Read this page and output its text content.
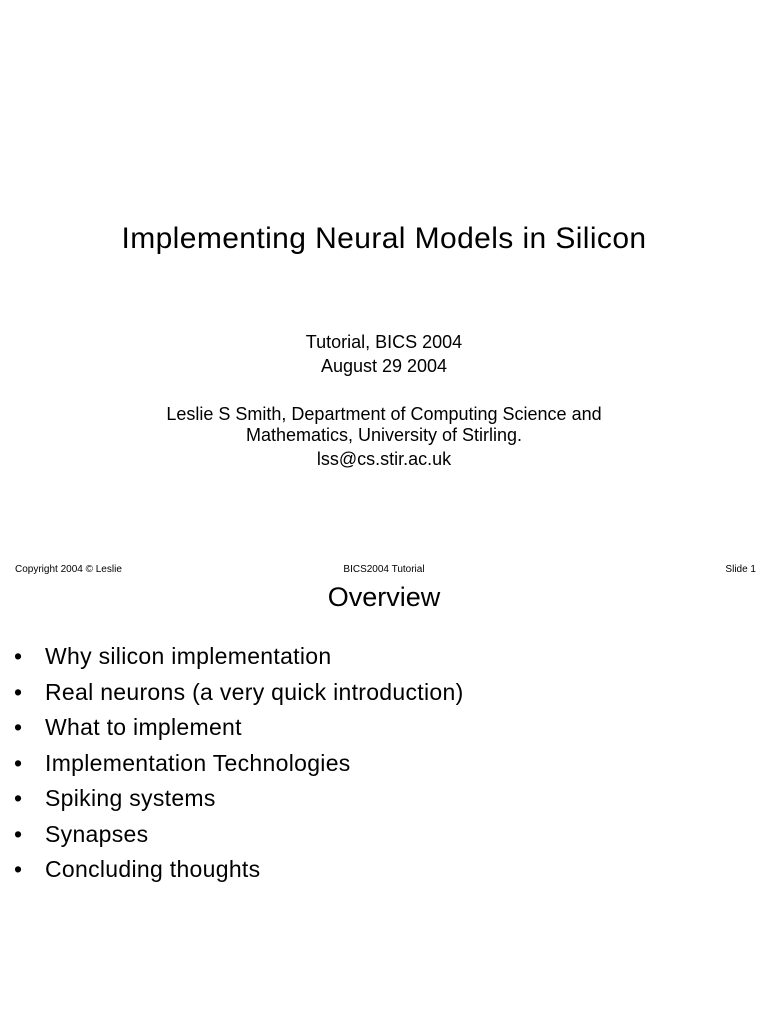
Implementing Neural Models in Silicon
Tutorial, BICS 2004
August 29 2004
Leslie S Smith, Department of Computing Science and
Mathematics, University of Stirling.
lss@cs.stir.ac.uk
Copyright 2004 © Leslie	BICS2004 Tutorial	Slide 1
Overview
• Why silicon implementation
• Real neurons (a very quick introduction)
• What to implement
• Implementation Technologies
• Spiking systems
• Synapses
• Concluding thoughts
